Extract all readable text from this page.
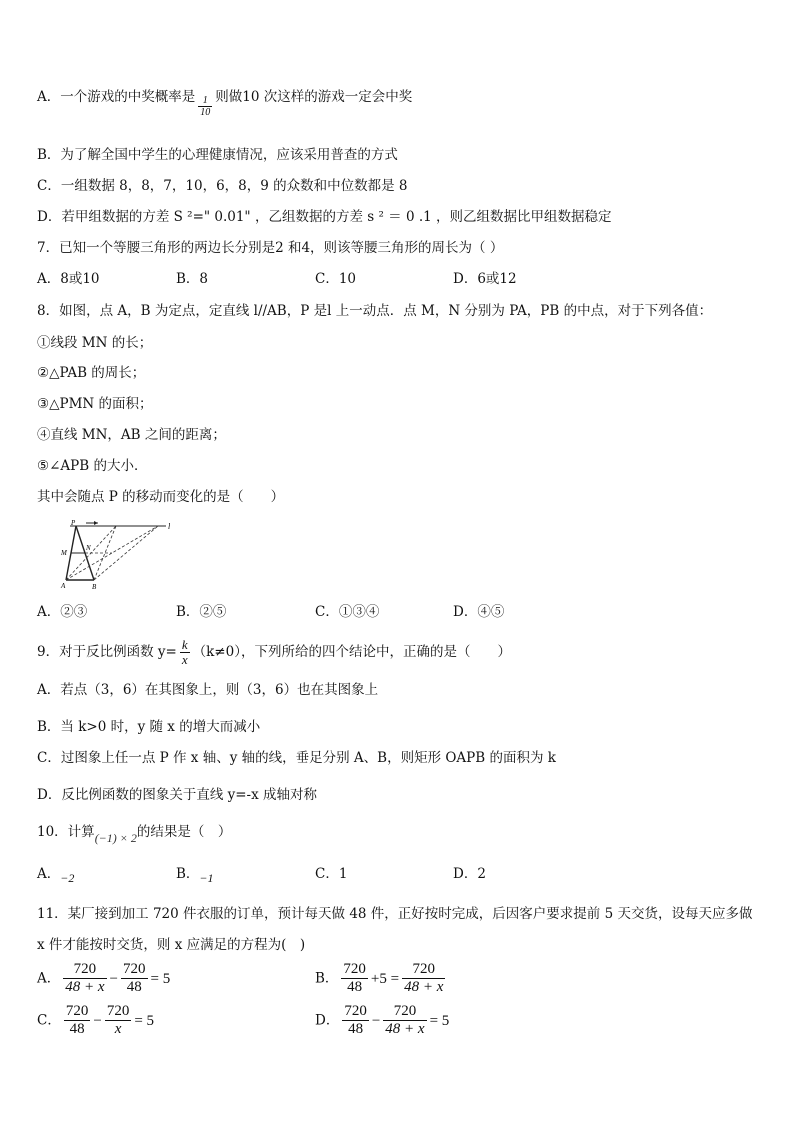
A．一个游戏的中奖概率是 $\frac{1}{10}$ 则做10 次这样的游戏一定会中奖
B．为了解全国中学生的心理健康情况，应该采用普查的方式
C．一组数据 8，8，7，10，6，8，9 的众数和中位数都是 8
D．若甲组数据的方差 S ²=" 0.01" ，乙组数据的方差 s ² ＝ 0 .1 ，则乙组数据比甲组数据稳定
7．已知一个等腰三角形的两边长分别是2 和4，则该等腰三角形的周长为（ ）
A．8或10	B．8	C．10	D．6或12
8．如图，点 A，B 为定点，定直线 l//AB，P 是l 上一动点．点 M，N 分别为 PA，PB 的中点，对于下列各值：
①线段 MN 的长；
②△PAB 的周长；
③△PMN 的面积；
④直线 MN，AB 之间的距离；
⑤∠APB 的大小．
其中会随点 P 的移动而变化的是（　　）
P
M
N
A	B
l
A．②③	B．②⑤	C．①③④	D．④⑤
9．对于反比例函数 $y= \frac{k}{x} (k\ne 0)$，下列所给的四个结论中，正确的是（　　）
A．若点（3，6）在其图象上，则（3，6）也在其图象上
B．当 k>0 时，y 随 x 的增大而减小
C．过图象上任一点 P 作 x 轴、y 轴的线，垂足分别 A、B，则矩形 OAPB 的面积为 k
D．反比例函数的图象关于直线 y=-x 成轴对称
10．计算(−1) × 2的结果是（　）
A．−2	B．−1	C．1	D．2
11．某厂接到加工 720 件衣服的订单，预计每天做 48 件，正好按时完成，后因客户要求提前 5 天交货，设每天应多做
x 件才能按时交货，则 x 应满足的方程为(　)
A． $\frac{720}{48 + x} - \frac{720}{48} = 5$	B． $\frac{720}{48} +5 = \frac{720}{48 + x}$
C． $\frac{720}{48} - \frac{720}{x} = 5$	D． $\frac{720}{48} - \frac{720}{48 + x} = 5$
